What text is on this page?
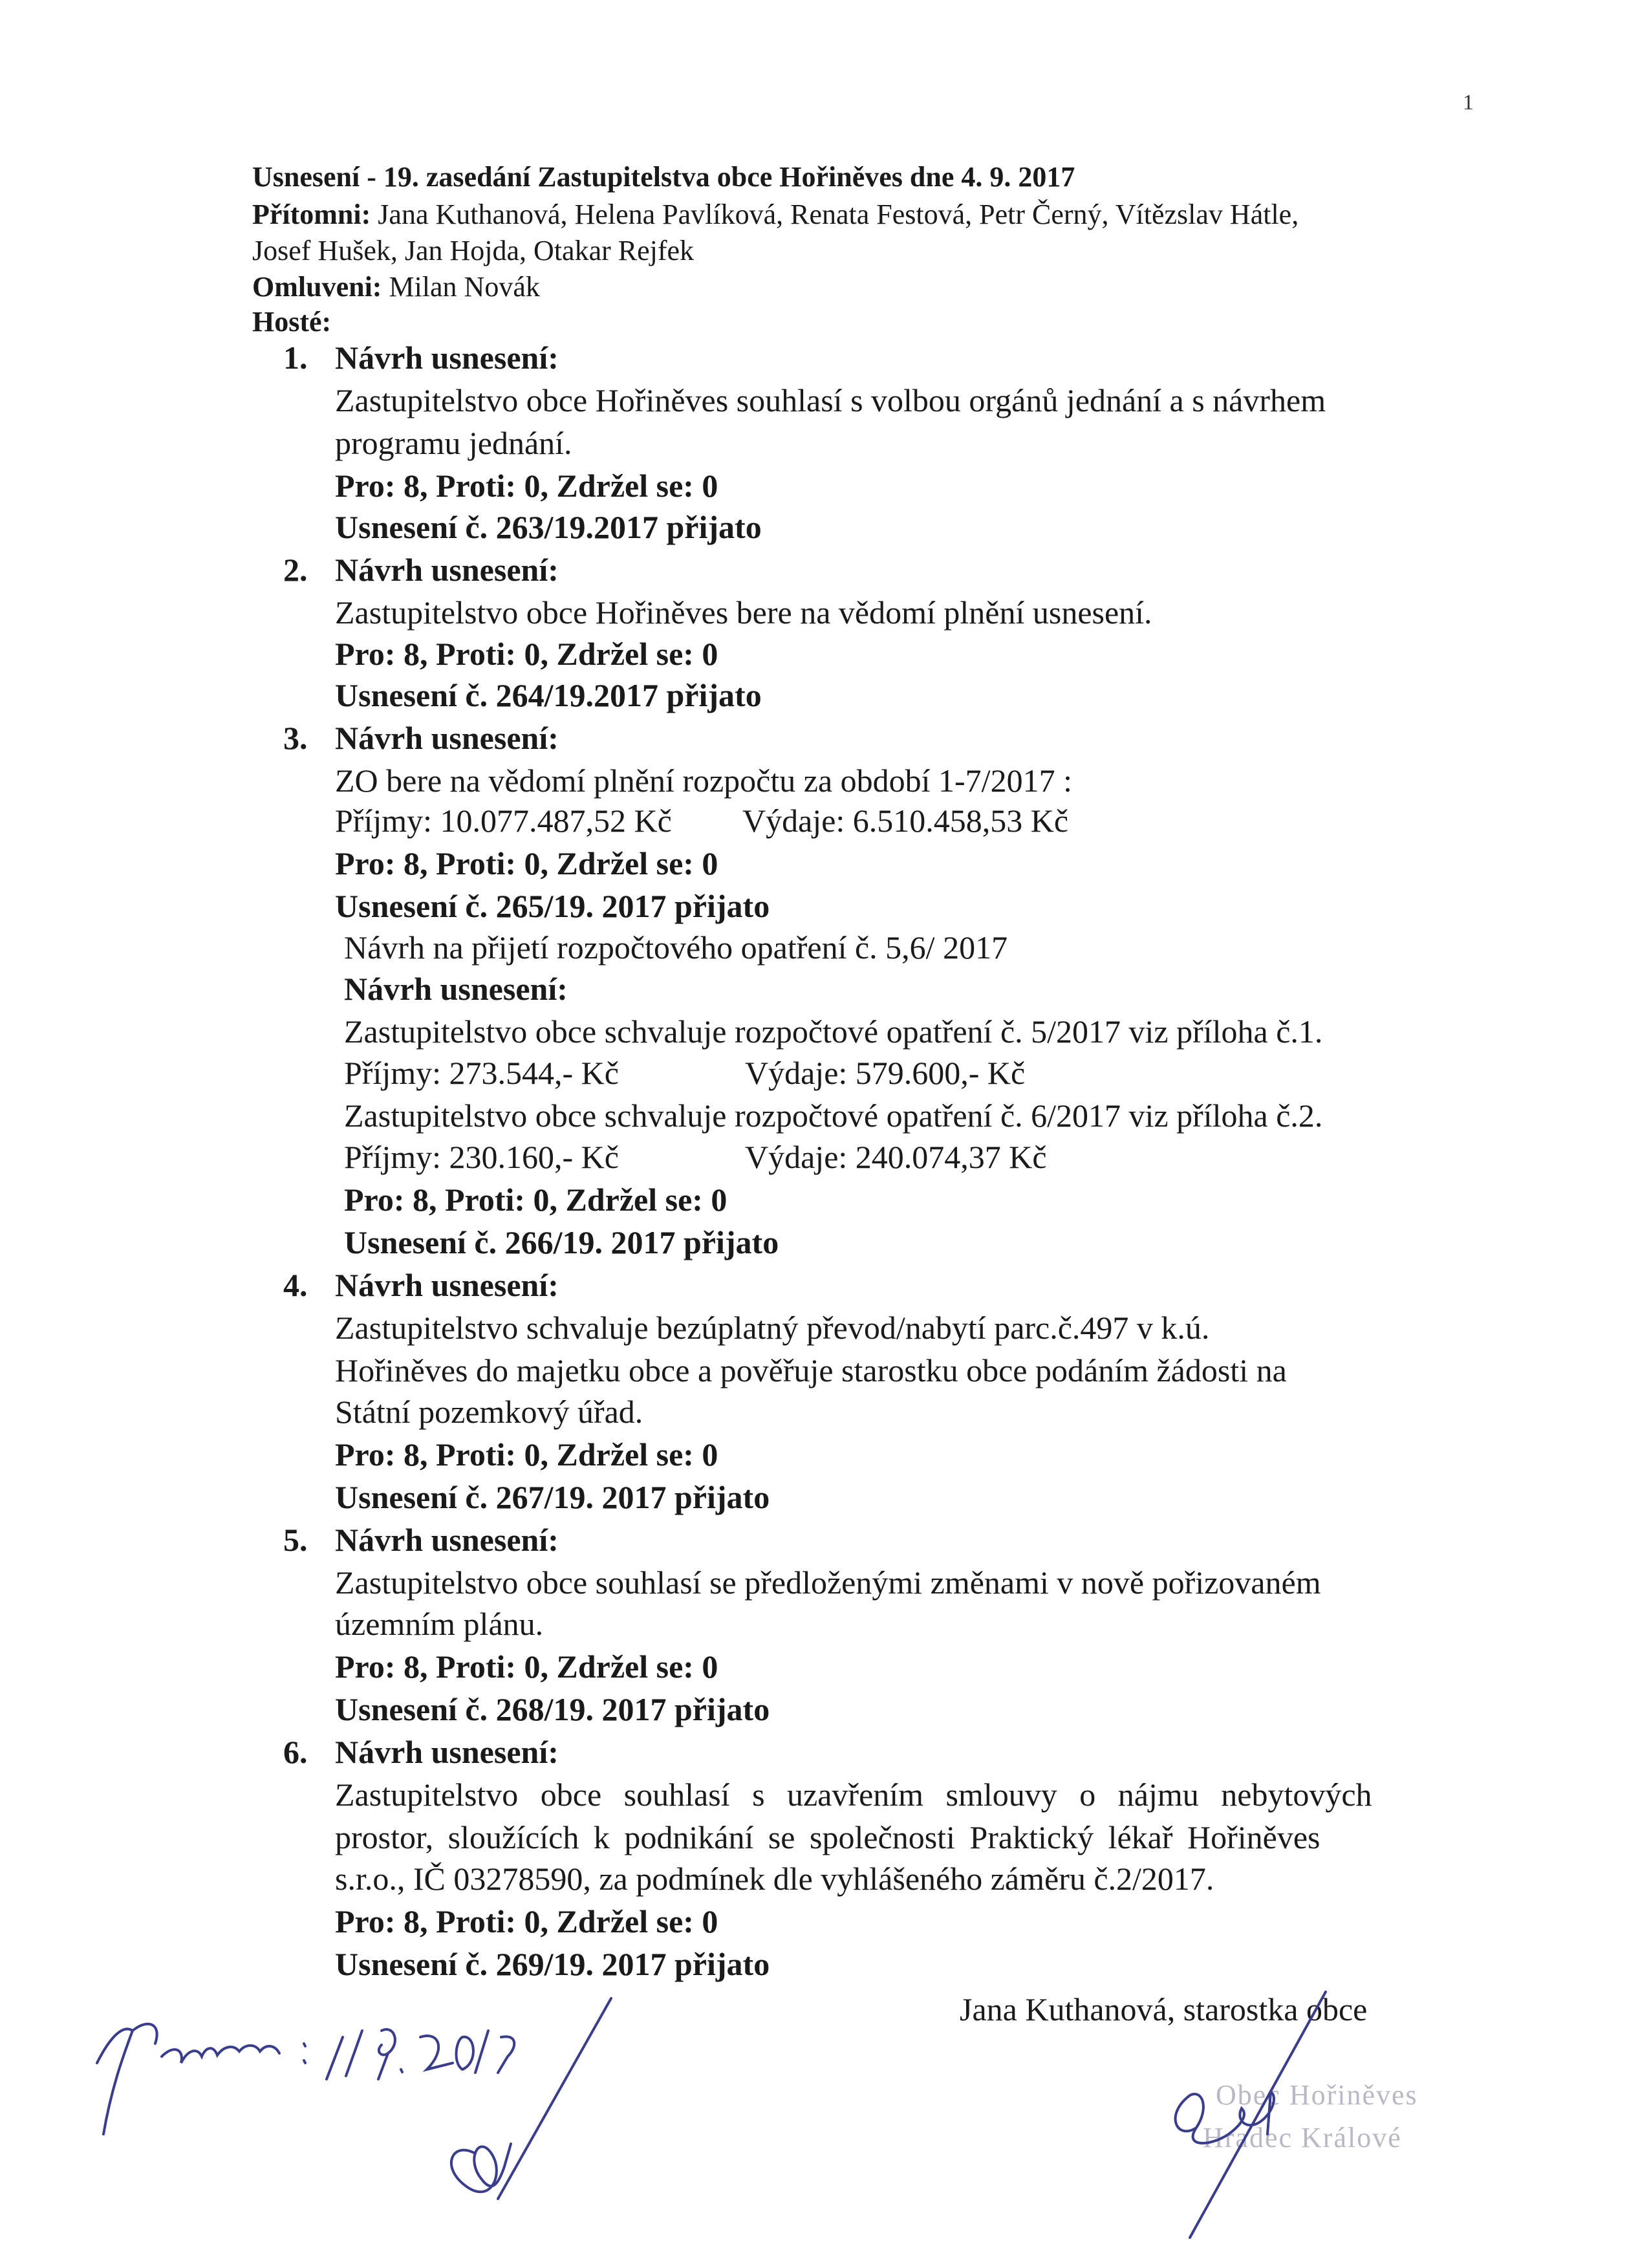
1
Usnesení - 19. zasedání Zastupitelstva obce Hořiněves dne 4. 9. 2017
Přítomni: Jana Kuthanová, Helena Pavlíková, Renata Festová, Petr Černý, Vítězslav Hátle,
Josef Hušek, Jan Hojda, Otakar Rejfek
Omluveni: Milan Novák
Hosté:
1. Návrh usnesení:
Zastupitelstvo obce Hořiněves souhlasí s volbou orgánů jednání a s návrhem
programu jednání.
Pro: 8, Proti: 0, Zdržel se: 0
Usnesení č. 263/19.2017 přijato
2. Návrh usnesení:
Zastupitelstvo obce Hořiněves bere na vědomí plnění usnesení.
Pro: 8, Proti: 0, Zdržel se: 0
Usnesení č. 264/19.2017 přijato
3. Návrh usnesení:
ZO bere na vědomí plnění rozpočtu za období 1-7/2017 :
Příjmy: 10.077.487,52 Kč Výdaje: 6.510.458,53 Kč
Pro: 8, Proti: 0, Zdržel se: 0
Usnesení č. 265/19. 2017 přijato
Návrh na přijetí rozpočtového opatření č. 5,6/ 2017
Návrh usnesení:
Zastupitelstvo obce schvaluje rozpočtové opatření č. 5/2017 viz příloha č.1.
Příjmy: 273.544,- Kč	Výdaje: 579.600,- Kč
Zastupitelstvo obce schvaluje rozpočtové opatření č. 6/2017 viz příloha č.2.
Příjmy: 230.160,- Kč	Výdaje: 240.074,37 Kč
Pro: 8, Proti: 0, Zdržel se: 0
Usnesení č. 266/19. 2017 přijato
4. Návrh usnesení:
Zastupitelstvo schvaluje bezúplatný převod/nabytí parc.č.497 v k.ú.
Hořiněves do majetku obce a pověřuje starostku obce podáním žádosti na
Státní pozemkový úřad.
Pro: 8, Proti: 0, Zdržel se: 0
Usnesení č. 267/19. 2017 přijato
5. Návrh usnesení:
Zastupitelstvo obce souhlasí se předloženými změnami v nově pořizovaném
územním plánu.
Pro: 8, Proti: 0, Zdržel se: 0
Usnesení č. 268/19. 2017 přijato
6. Návrh usnesení:
Zastupitelstvo obce souhlasí s uzavřením smlouvy o nájmu nebytových
prostor, sloužících k podnikání se společnosti Praktický lékař Hořiněves
s.r.o., IČ 03278590, za podmínek dle vyhlášeného záměru č.2/2017.
Pro: 8, Proti: 0, Zdržel se: 0
Usnesení č. 269/19. 2017 přijato
Jana Kuthanová, starostka obce
Obec Hořiněves
Hradec Králové
